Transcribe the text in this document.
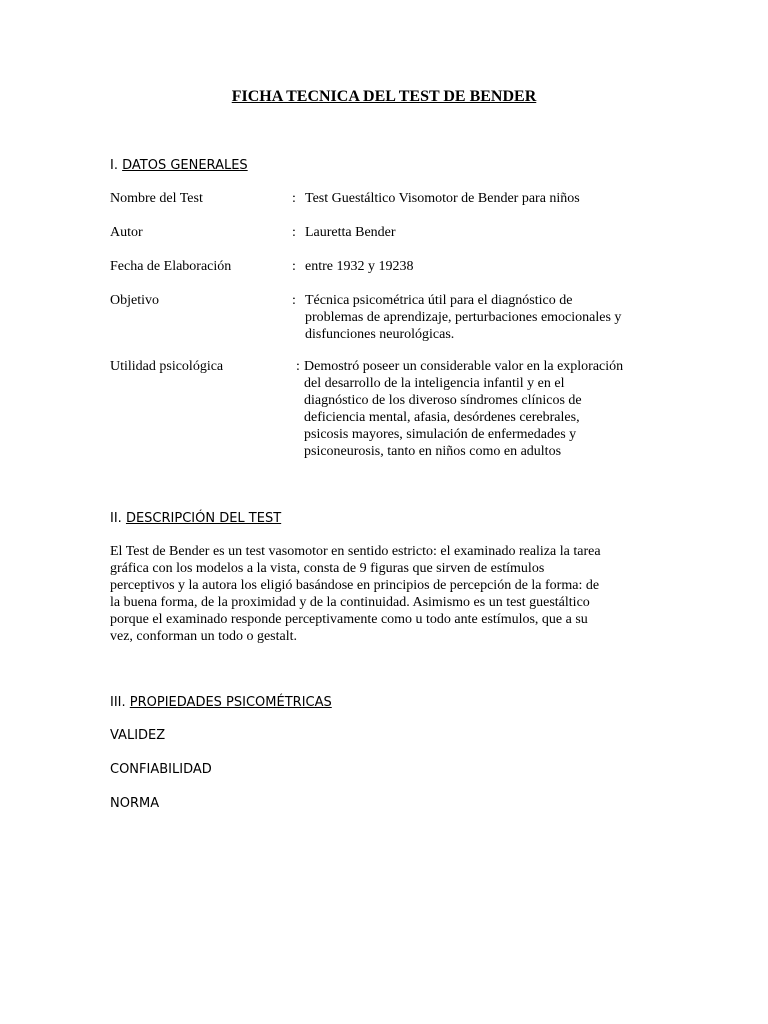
FICHA TECNICA DEL TEST DE BENDER
I. DATOS GENERALES
Nombre del Test	: Test Guestáltico Visomotor de Bender para niños
Autor	: Lauretta Bender
Fecha de Elaboración	: entre 1932 y 19238
Objetivo	: Técnica psicométrica útil para el diagnóstico de
problemas de aprendizaje, perturbaciones emocionales y
disfunciones neurológicas.
Utilidad psicológica	: Demostró poseer un considerable valor en la exploración
del desarrollo de la inteligencia infantil y en el
diagnóstico de los diveroso síndromes clínicos de
deficiencia mental, afasia, desórdenes cerebrales,
psicosis mayores, simulación de enfermedades y
psiconeurosis, tanto en niños como en adultos
II. DESCRIPCIÓN DEL TEST
El Test de Bender es un test vasomotor en sentido estricto: el examinado realiza la tarea
gráfica con los modelos a la vista, consta de 9 figuras que sirven de estímulos
perceptivos y la autora los eligió basándose en principios de percepción de la forma: de
la buena forma, de la proximidad y de la continuidad. Asimismo es un test guestáltico
porque el examinado responde perceptivamente como u todo ante estímulos, que a su
vez, conforman un todo o gestalt.
III. PROPIEDADES PSICOMÉTRICAS
VALIDEZ
CONFIABILIDAD
NORMA
